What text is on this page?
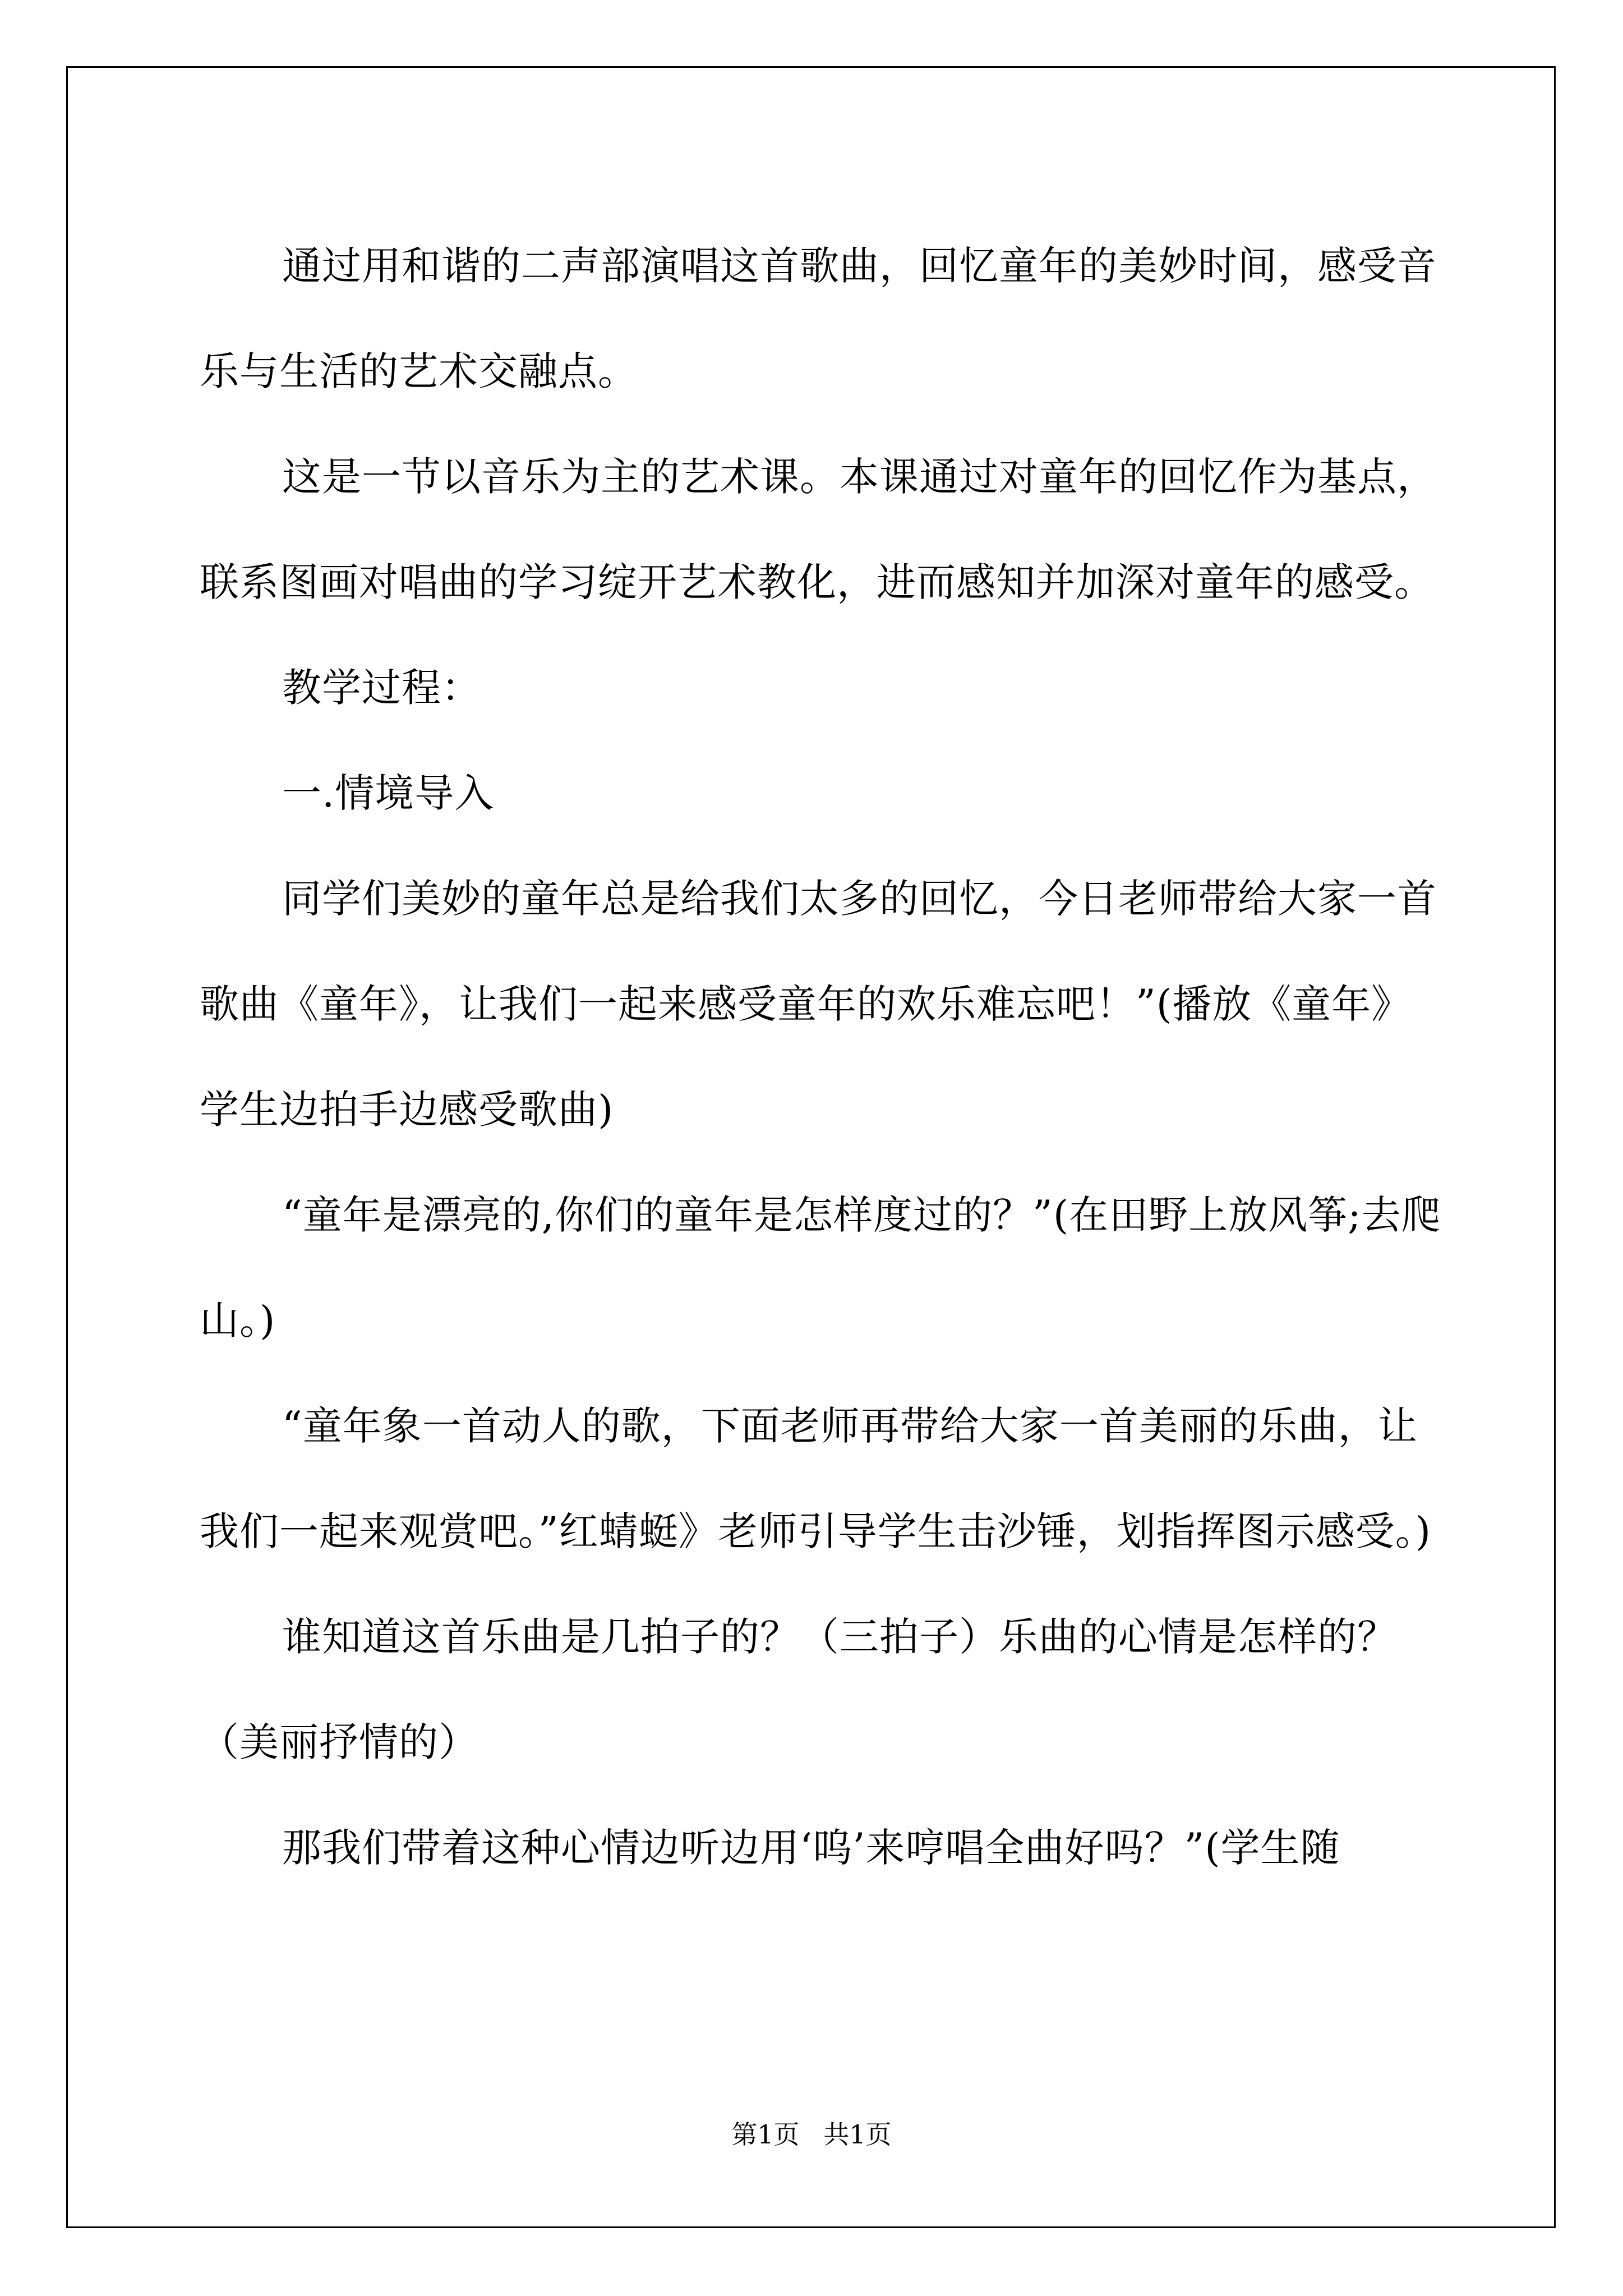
通过用和谐的二声部演唱这首歌曲，回忆童年的美妙时间，感受音乐与生活的艺术交融点。

这是一节以音乐为主的艺术课。本课通过对童年的回忆作为基点，联系图画对唱曲的学习绽开艺术教化，进而感知并加深对童年的感受。

教学过程：

一.情境导入

同学们美妙的童年总是给我们太多的回忆，今日老师带给大家一首歌曲《童年》，让我们一起来感受童年的欢乐难忘吧！”(播放《童年》学生边拍手边感受歌曲)

“童年是漂亮的,你们的童年是怎样度过的？”(在田野上放风筝;去爬山。)

“童年象一首动人的歌，下面老师再带给大家一首美丽的乐曲，让我们一起来观赏吧。”红蜻蜓》老师引导学生击沙锤，划指挥图示感受。)

谁知道这首乐曲是几拍子的？（三拍子）乐曲的心情是怎样的？（美丽抒情的）

那我们带着这种心情边听边用‘呜’来哼唱全曲好吗？”(学生随

第1页 共1页
